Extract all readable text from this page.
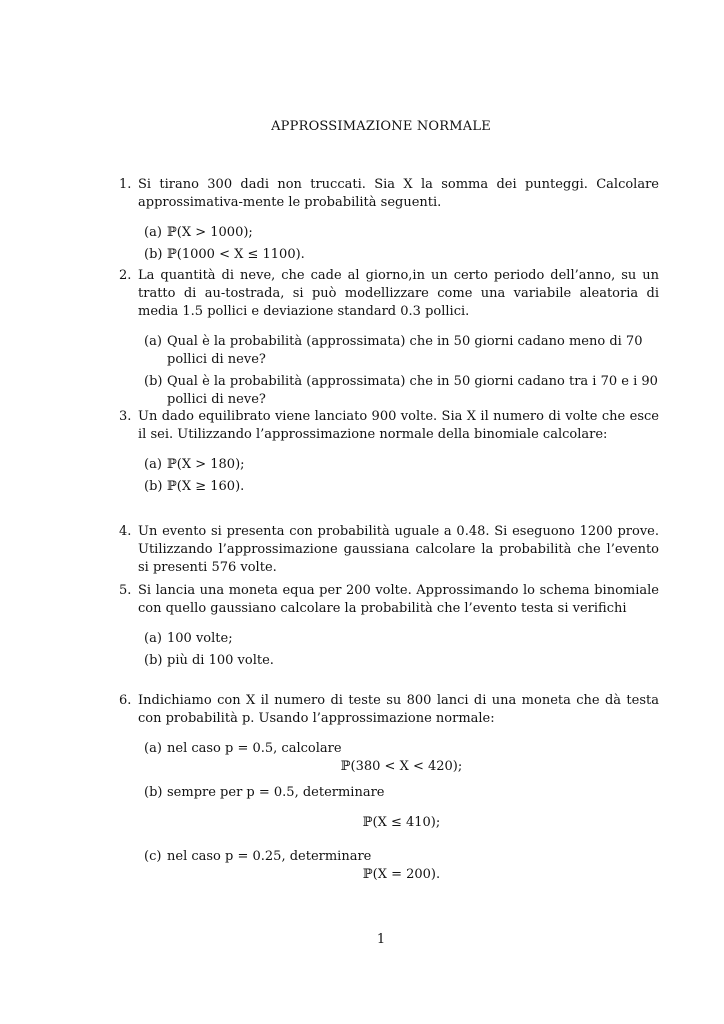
APPROSSIMAZIONE NORMALE
1. Si tirano 300 dadi non truccati. Sia X la somma dei punteggi. Calcolare approssimativa-mente le probabilità seguenti.
(a) ℙ(X > 1000);
(b) ℙ(1000 < X ≤ 1100).
2. La quantità di neve, che cade al giorno,in un certo periodo dell’anno, su un tratto di au-tostrada, si può modellizzare come una variabile aleatoria di media 1.5 pollici e deviazione standard 0.3 pollici.
(a) Qual è la probabilità (approssimata) che in 50 giorni cadano meno di 70 pollici di neve?
(b) Qual è la probabilità (approssimata) che in 50 giorni cadano tra i 70 e i 90 pollici di neve?
3. Un dado equilibrato viene lanciato 900 volte. Sia X il numero di volte che esce il sei. Utilizzando l’approssimazione normale della binomiale calcolare:
(a) ℙ(X > 180);
(b) ℙ(X ≥ 160).
4. Un evento si presenta con probabilità uguale a 0.48. Si eseguono 1200 prove. Utilizzando l’approssimazione gaussiana calcolare la probabilità che l’evento si presenti 576 volte.
5. Si lancia una moneta equa per 200 volte. Approssimando lo schema binomiale con quello gaussiano calcolare la probabilità che l’evento testa si verifichi
(a) 100 volte;
(b) più di 100 volte.
6. Indichiamo con X il numero di teste su 800 lanci di una moneta che dà testa con probabilità p. Usando l’approssimazione normale:
(a) nel caso p = 0.5, calcolare
ℙ(380 < X < 420);
(b) sempre per p = 0.5, determinare
ℙ(X ≤ 410);
(c) nel caso p = 0.25, determinare
ℙ(X = 200).
1
